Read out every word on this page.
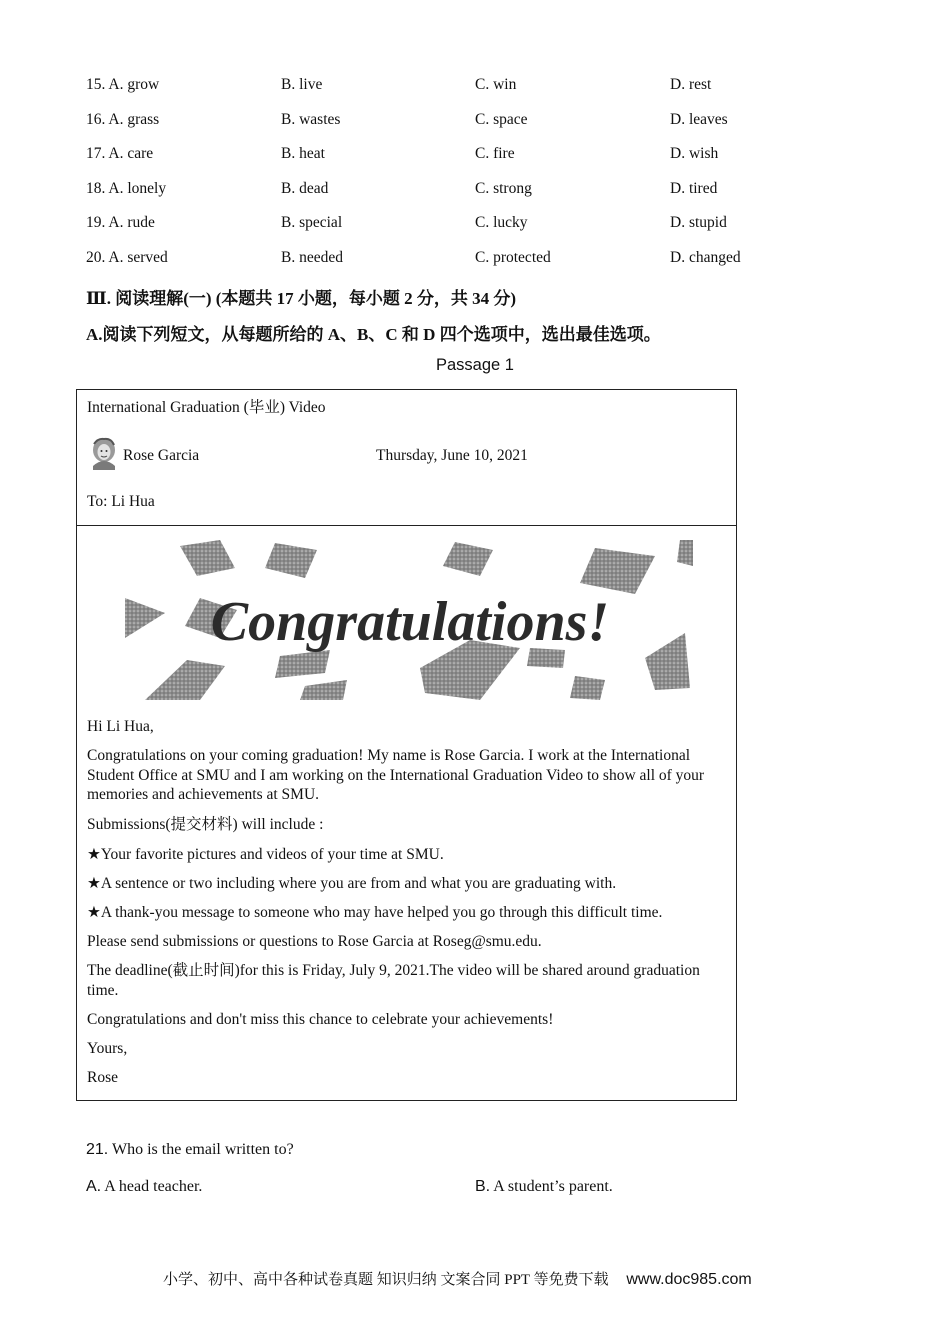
15. A. grow	B. live	C. win	D. rest
16. A. grass	B. wastes	C. space	D. leaves
17. A. care	B. heat	C. fire	D. wish
18. A. lonely	B. dead	C. strong	D. tired
19. A. rude	B. special	C. lucky	D. stupid
20. A. served	B. needed	C. protected	D. changed
Ⅲ. 阅读理解(一) (本题共 17 小题，每小题 2 分，共 34 分)
A.阅读下列短文，从每题所给的 A、B、C 和 D 四个选项中，选出最佳选项。
Passage 1
International Graduation (毕业) Video
Rose Garcia	Thursday, June 10, 2021
To: Li Hua
Congratulations!
Hi Li Hua,
Congratulations on your coming graduation! My name is Rose Garcia. I work at the International Student Office at SMU and I am working on the International Graduation Video to show all of your memories and achievements at SMU.
Submissions(提交材料) will include :
★Your favorite pictures and videos of your time at SMU.
★A sentence or two including where you are from and what you are graduating with.
★A thank-you message to someone who may have helped you go through this difficult time.
Please send submissions or questions to Rose Garcia at Roseg@smu.edu.
The deadline(截止时间)for this is Friday, July 9, 2021.The video will be shared around graduation time.
Congratulations and don't miss this chance to celebrate your achievements!
Yours,
Rose
21. Who is the email written to?
A. A head teacher.	B. A student’s parent.
小学、初中、高中各种试卷真题 知识归纳 文案合同 PPT 等免费下载 www.doc985.com
